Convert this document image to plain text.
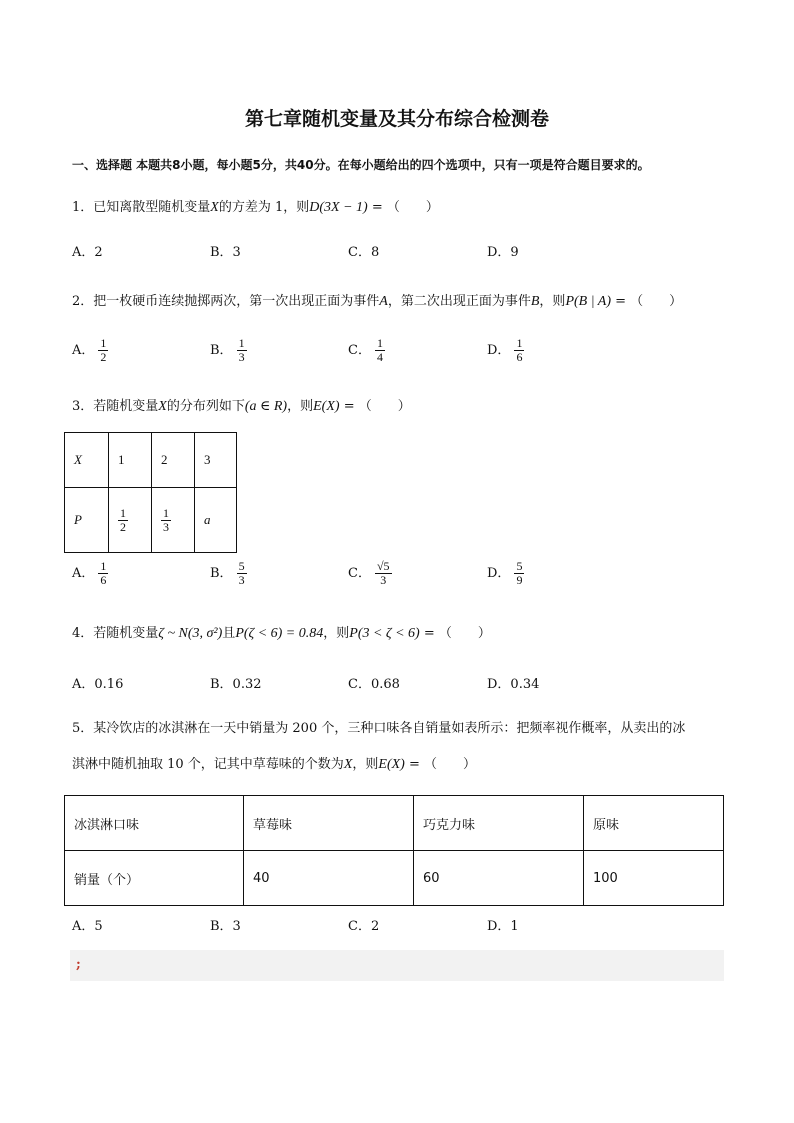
第七章随机变量及其分布综合检测卷
一、选择题 本题共8小题，每小题5分，共40分。在每小题给出的四个选项中，只有一项是符合题目要求的。
1．已知离散型随机变量X的方差为 1，则D(3X − 1) = （　　）
A．2	B．3	C．8	D．9
2．把一枚硬币连续抛掷两次，第一次出现正面为事件A，第二次出现正面为事件B，则P(B | A) = （　　）
A． $\frac{1}{2}$	B． $\frac{1}{3}$	C． $\frac{1}{4}$	D． $\frac{1}{6}$
3．若随机变量X的分布列如下(a ∈ R)，则E(X) = （　　）
X	1	2	3
P	$\frac{1}{2}$	$\frac{1}{3}$	a
A． $\frac{1}{6}$	B． $\frac{5}{3}$	C． $\frac{√5}{3}$	D． $\frac{5}{9}$
4．若随机变量ζ ~ N(3, σ²)且P(ζ < 6) = 0.84，则P(3 < ζ < 6) = （　　）
A．0.16	B．0.32	C．0.68	D．0.34
5．某冷饮店的冰淇淋在一天中销量为 200 个，三种口味各自销量如表所示：把频率视作概率，从卖出的冰
淇淋中随机抽取 10 个，记其中草莓味的个数为X，则E(X) = （　　）
冰淇淋口味	草莓味	巧克力味	原味
销量（个）	40	60	100
A．5	B．3	C．2	D．1
;
